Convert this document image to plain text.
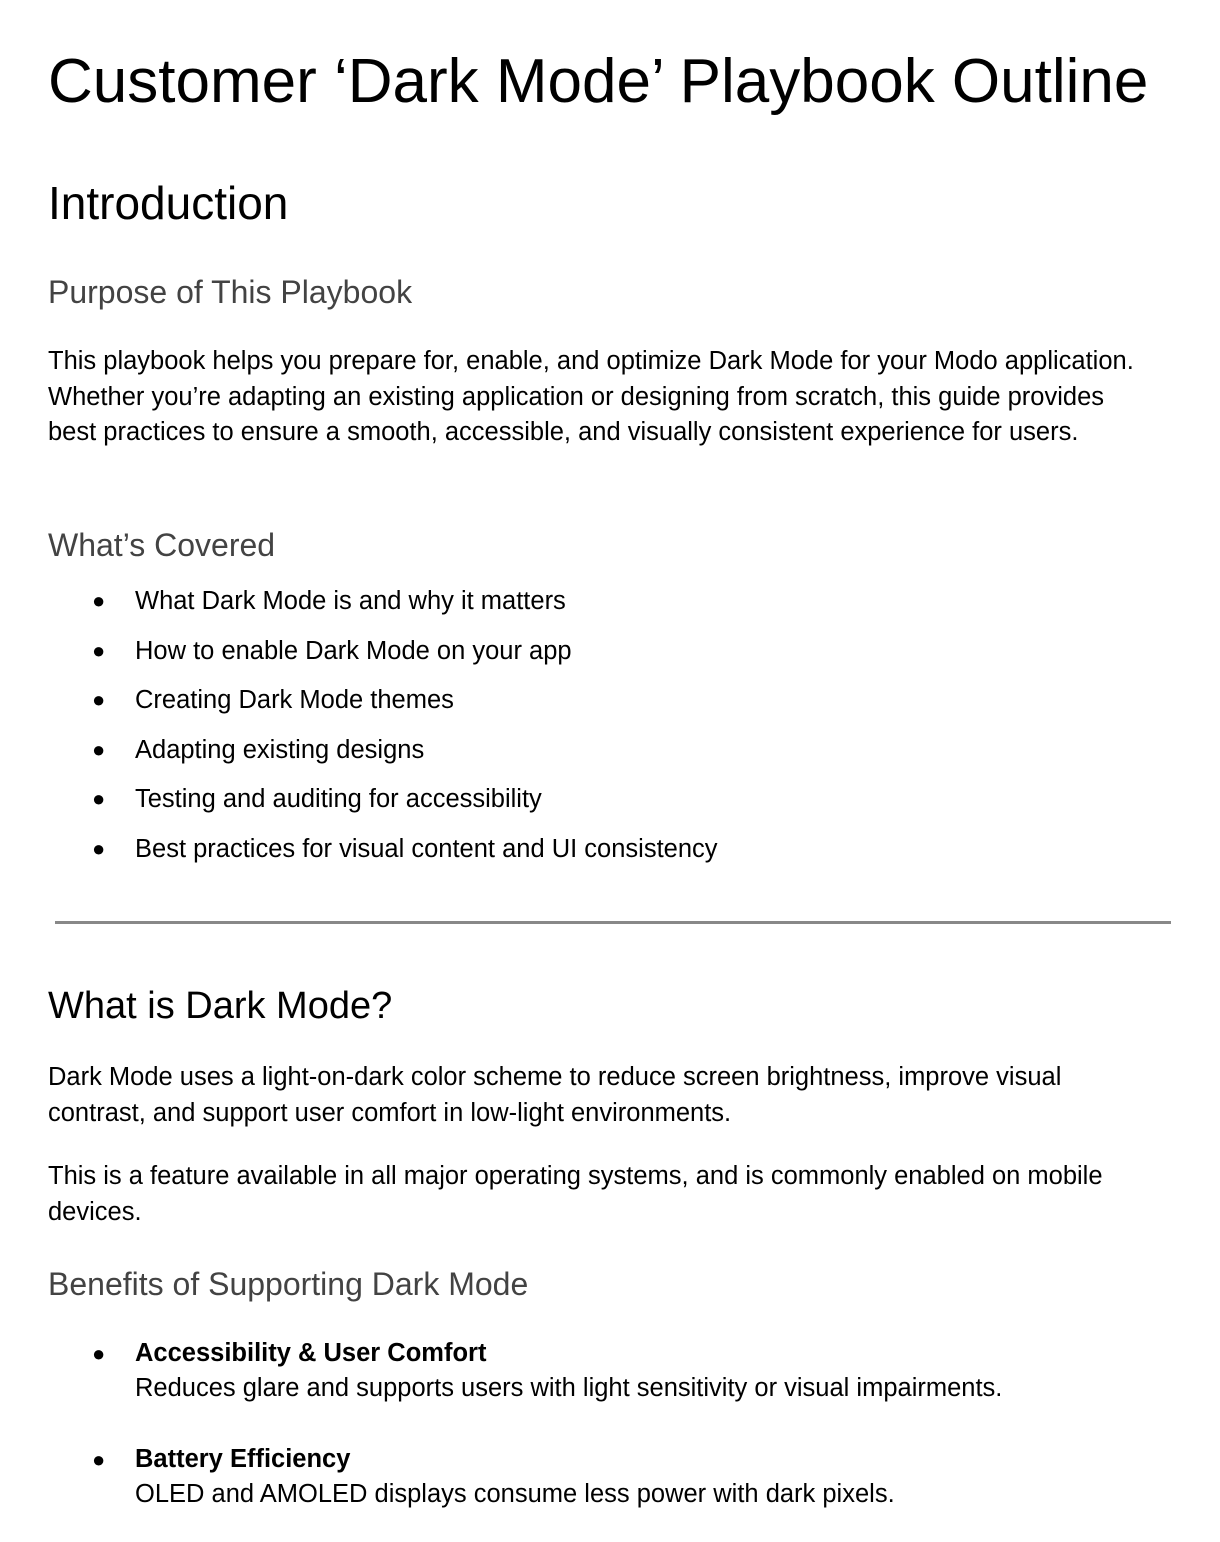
Customer ‘Dark Mode’ Playbook Outline
Introduction
Purpose of This Playbook

This playbook helps you prepare for, enable, and optimize Dark Mode for your Modo application. Whether you’re adapting an existing application or designing from scratch, this guide provides best practices to ensure a smooth, accessible, and visually consistent experience for users.

What’s Covered
● What Dark Mode is and why it matters
● How to enable Dark Mode on your app
● Creating Dark Mode themes
● Adapting existing designs
● Testing and auditing for accessibility
● Best practices for visual content and UI consistency
What is Dark Mode?

Dark Mode uses a light-on-dark color scheme to reduce screen brightness, improve visual contrast, and support user comfort in low-light environments.

This is a feature available in all major operating systems, and is commonly enabled on mobile devices.

Benefits of Supporting Dark Mode
● Accessibility & User Comfort
Reduces glare and supports users with light sensitivity or visual impairments.
● Battery Efficiency
OLED and AMOLED displays consume less power with dark pixels.
